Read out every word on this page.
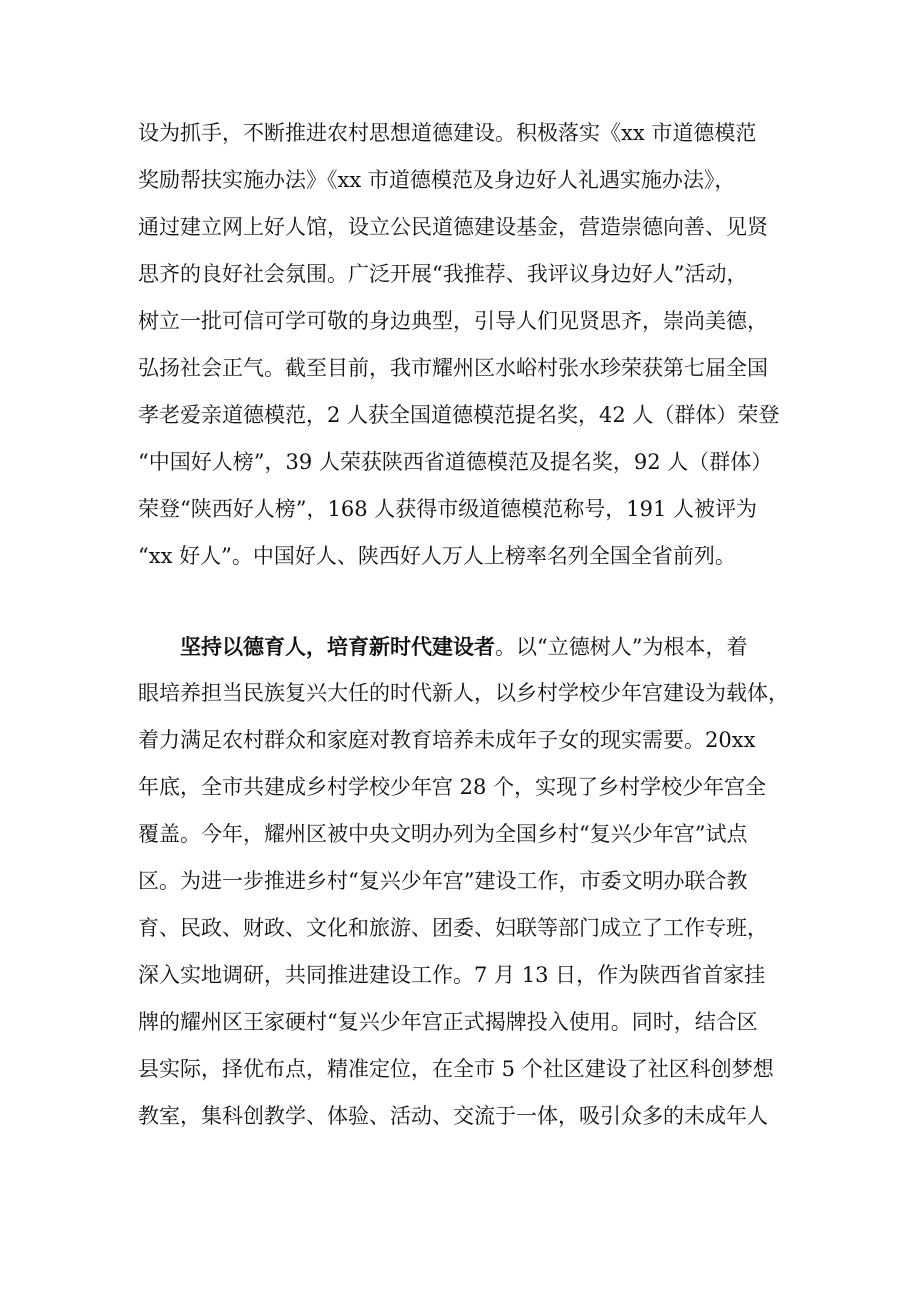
设为抓手，不断推进农村思想道德建设。积极落实《xx 市道德模范
奖励帮扶实施办法》《xx 市道德模范及身边好人礼遇实施办法》，
通过建立网上好人馆，设立公民道德建设基金，营造崇德向善、见贤
思齐的良好社会氛围。广泛开展“我推荐、我评议身边好人”活动，
树立一批可信可学可敬的身边典型，引导人们见贤思齐，崇尚美德，
弘扬社会正气。截至目前，我市耀州区水峪村张水珍荣获第七届全国
孝老爱亲道德模范，2 人获全国道德模范提名奖，42 人（群体）荣登
“中国好人榜”，39 人荣获陕西省道德模范及提名奖，92 人（群体）
荣登“陕西好人榜”，168 人获得市级道德模范称号，191 人被评为
“xx 好人”。中国好人、陕西好人万人上榜率名列全国全省前列。

坚持以德育人，培育新时代建设者。以“立德树人”为根本，着
眼培养担当民族复兴大任的时代新人，以乡村学校少年宫建设为载体，
着力满足农村群众和家庭对教育培养未成年子女的现实需要。20xx
年底，全市共建成乡村学校少年宫 28 个，实现了乡村学校少年宫全
覆盖。今年，耀州区被中央文明办列为全国乡村“复兴少年宫”试点
区。为进一步推进乡村“复兴少年宫”建设工作，市委文明办联合教
育、民政、财政、文化和旅游、团委、妇联等部门成立了工作专班，
深入实地调研，共同推进建设工作。7 月 13 日，作为陕西省首家挂
牌的耀州区王家硬村“复兴少年宫正式揭牌投入使用。同时，结合区
县实际，择优布点，精准定位，在全市 5 个社区建设了社区科创梦想
教室，集科创教学、体验、活动、交流于一体，吸引众多的未成年人
